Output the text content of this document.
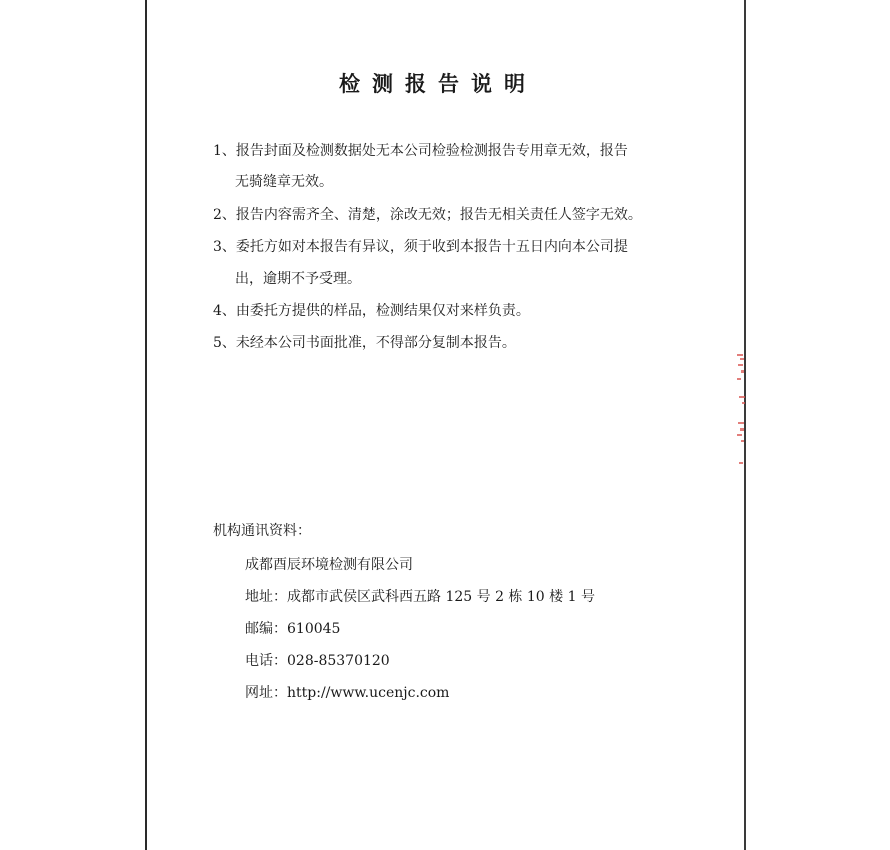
检测报告说明
1、报告封面及检测数据处无本公司检验检测报告专用章无效，报告
无骑缝章无效。
2、报告内容需齐全、清楚，涂改无效；报告无相关责任人签字无效。
3、委托方如对本报告有异议，须于收到本报告十五日内向本公司提
出，逾期不予受理。
4、由委托方提供的样品，检测结果仅对来样负责。
5、未经本公司书面批准，不得部分复制本报告。
机构通讯资料：
成都酉辰环境检测有限公司
地址：成都市武侯区武科西五路 125 号 2 栋 10 楼 1 号
邮编：610045
电话：028-85370120
网址：http://www.ucenjc.com
